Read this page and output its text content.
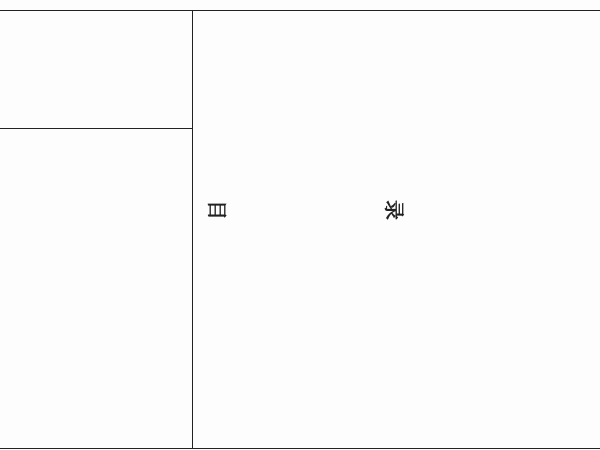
目	录
